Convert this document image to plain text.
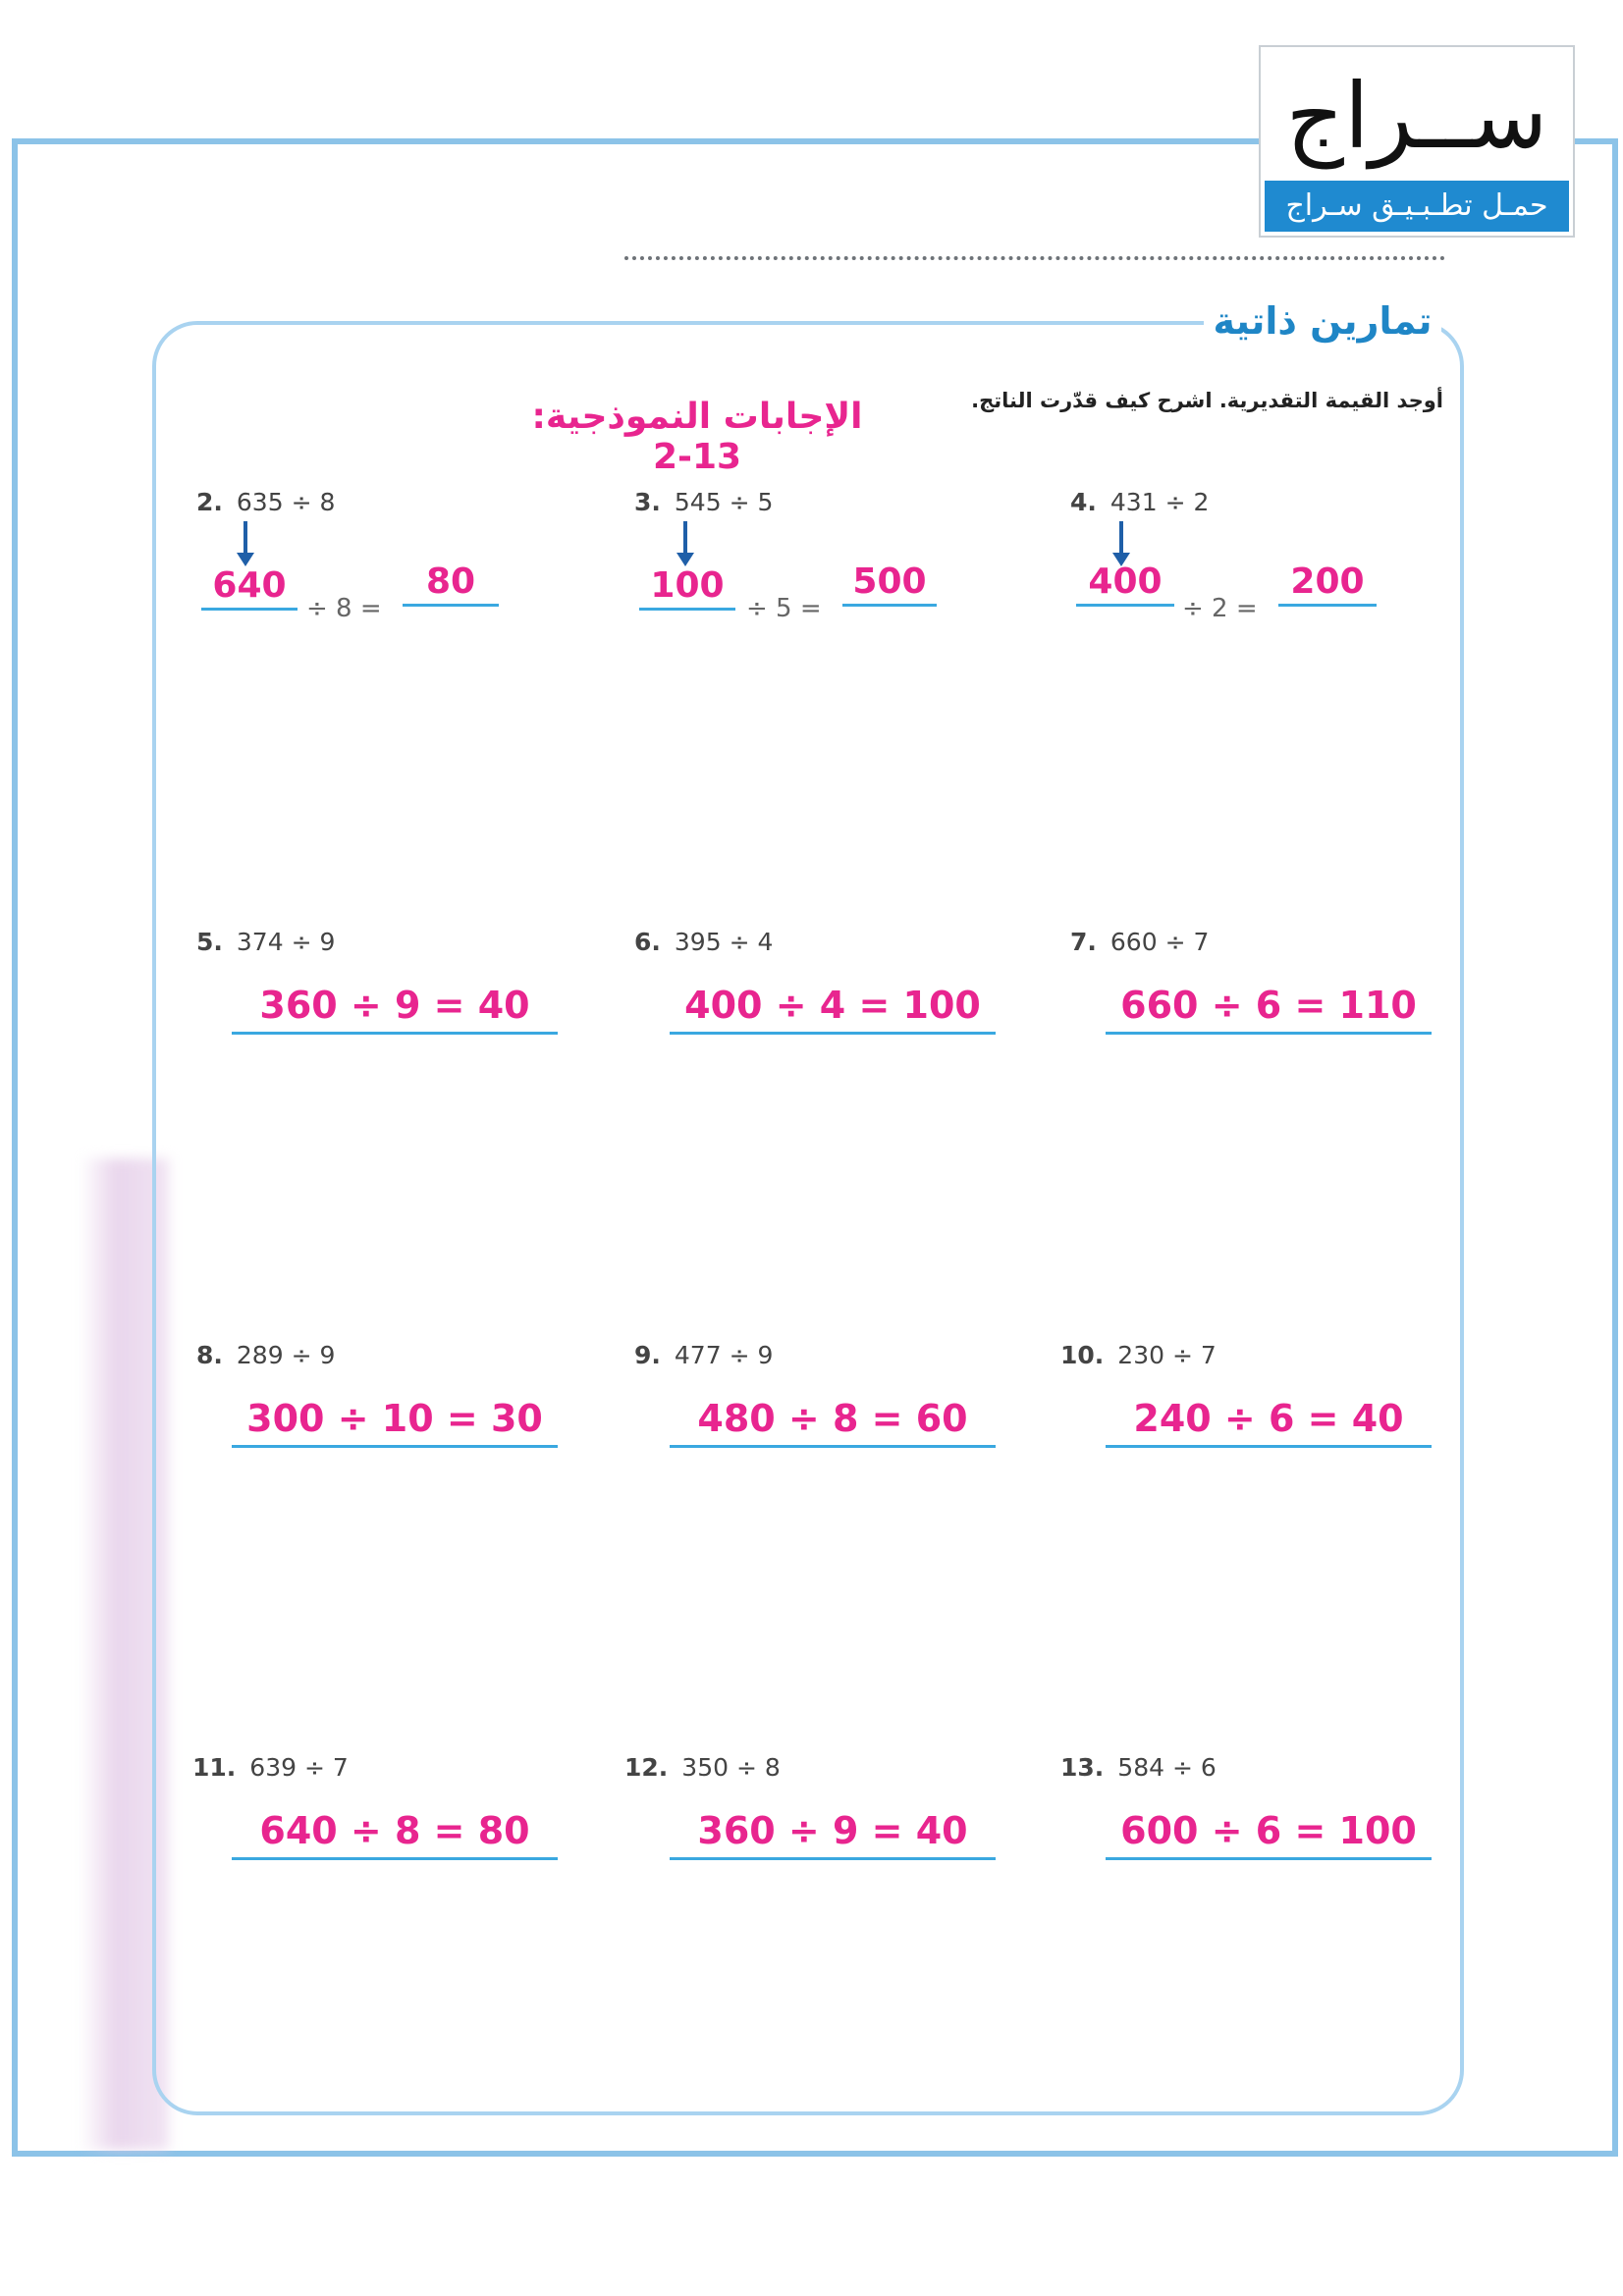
ســراج
حمـل تطـبـيـق سـراج
تمارين ذاتية
أوجد القيمة التقديرية. اشرح كيف قدّرت الناتج.
الإجابات النموذجية: 13-2
2. 635 ÷ 8
640
÷ 8 =
80
3. 545 ÷ 5
100
÷ 5 =
500
4. 431 ÷ 2
400
÷ 2 =
200
5. 374 ÷ 9
360 ÷ 9 = 40
6. 395 ÷ 4
400 ÷ 4 = 100
7. 660 ÷ 7
660 ÷ 6 = 110
8. 289 ÷ 9
300 ÷ 10 = 30
9. 477 ÷ 9
480 ÷ 8 = 60
10. 230 ÷ 7
240 ÷ 6 = 40
11. 639 ÷ 7
640 ÷ 8 = 80
12. 350 ÷ 8
360 ÷ 9 = 40
13. 584 ÷ 6
600 ÷ 6 = 100
